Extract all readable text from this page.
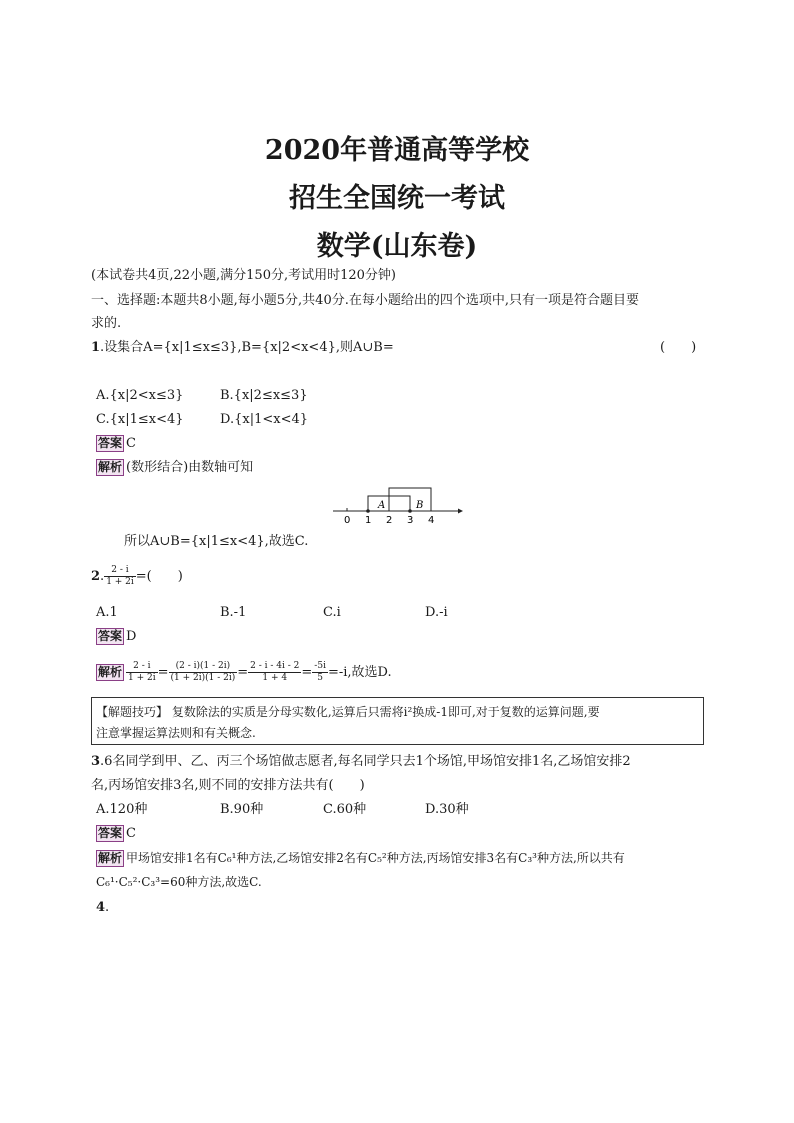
2020年普通高等学校
招生全国统一考试
数学(山东卷)
(本试卷共4页,22小题,满分150分,考试用时120分钟)
一、选择题:本题共8小题,每小题5分,共40分.在每小题给出的四个选项中,只有一项是符合题目要
求的.
1.设集合A={x|1≤x≤3},B={x|2<x<4},则A∪B=	(　　)
A.{x|2<x≤3}	B.{x|2≤x≤3}
C.{x|1≤x<4}	D.{x|1<x<4}
答案 C
解析 (数形结合)由数轴可知
A	B
0 1 2 3 4
所以A∪B={x|1≤x<4},故选C.
2. $\frac{2 - i}{1 + 2i}$ =(　　)
A.1	B.-1	C.i	D.-i
答案 D
解析 $\frac{2 - i}{1 + 2i} = \frac{(2 - i)(1 - 2i)}{(1 + 2i)(1 - 2i)} = \frac{2 - i - 4i - 2}{1 + 4} = \frac{-5i}{5} =-i$,故选D.
【解题技巧】 复数除法的实质是分母实数化,运算后只需将i²换成-1即可,对于复数的运算问题,要
注意掌握运算法则和有关概念.
3.6名同学到甲、乙、丙三个场馆做志愿者,每名同学只去1个场馆,甲场馆安排1名,乙场馆安排2
名,丙场馆安排3名,则不同的安排方法共有(　　)
A.120种	B.90种	C.60种	D.30种
答案 C
解析 甲场馆安排1名有C₆¹种方法,乙场馆安排2名有C₅²种方法,丙场馆安排3名有C₃³种方法,所以共有
C₆¹·C₅²·C₃³=60种方法,故选C.
4.
